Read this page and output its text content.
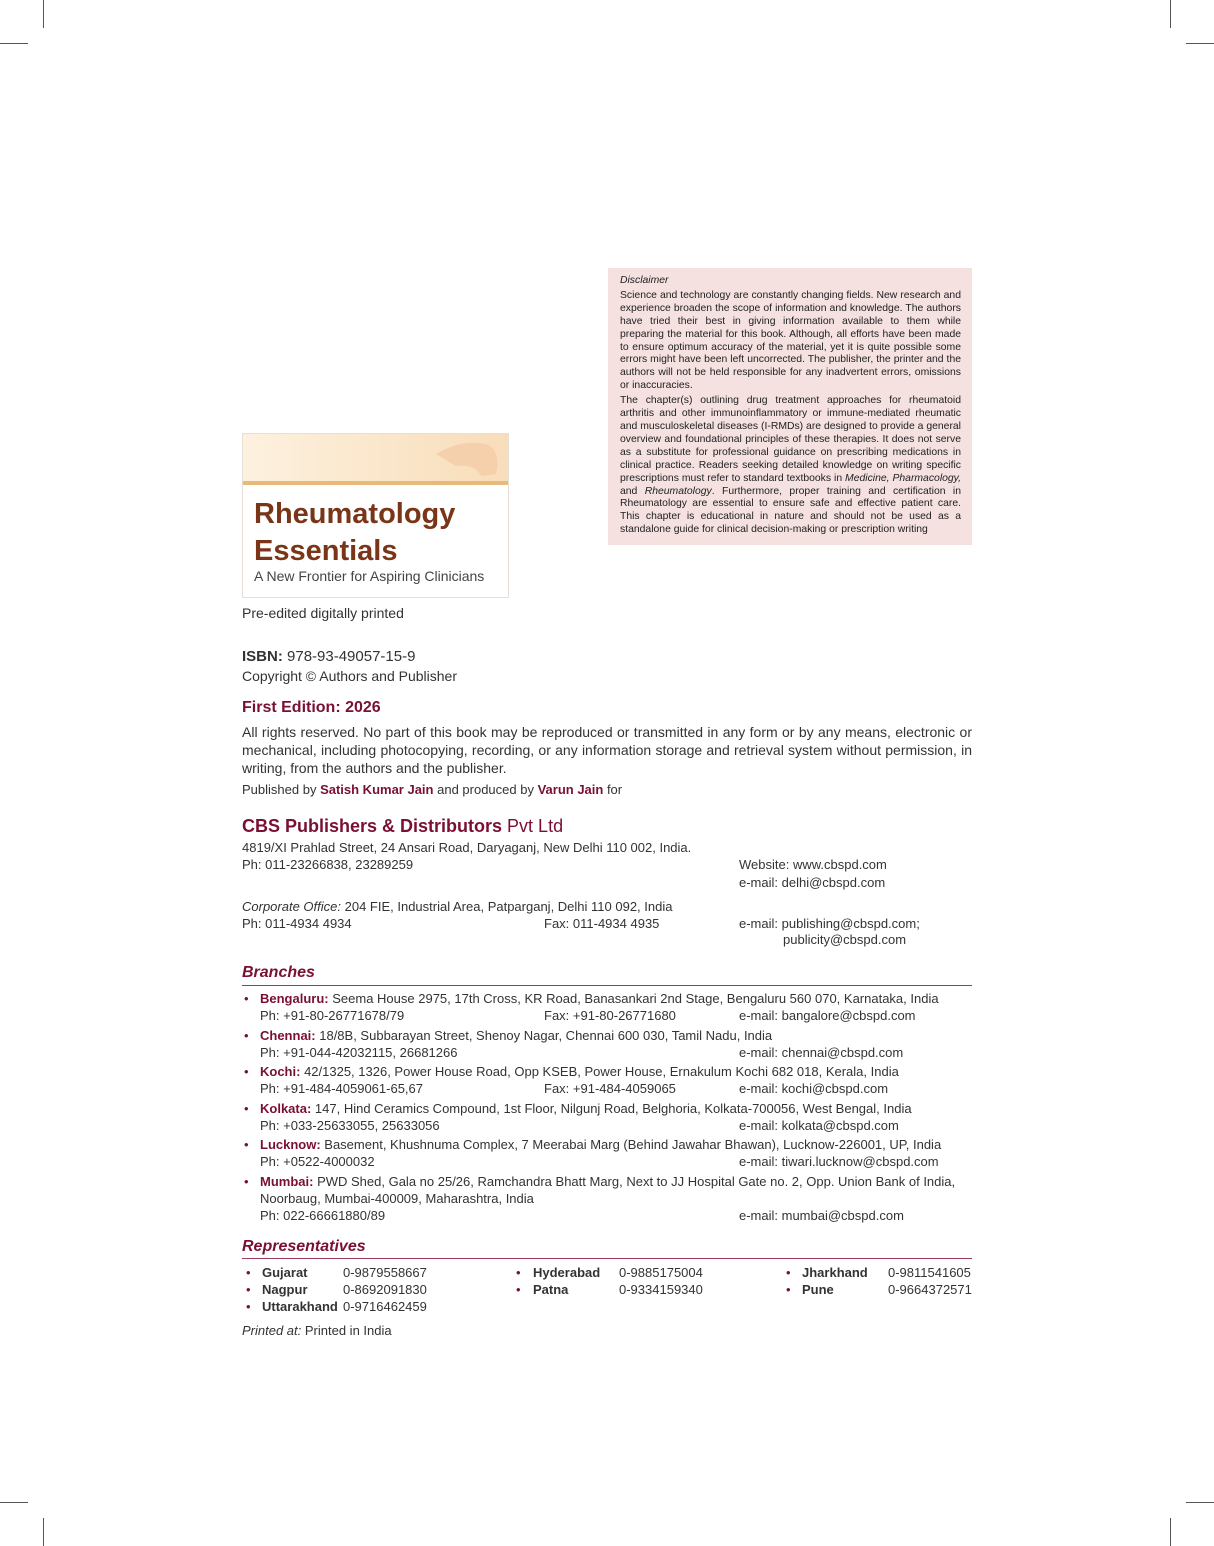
Disclaimer

Science and technology are constantly changing fields. New research and experience broaden the scope of information and knowledge. The authors have tried their best in giving information available to them while preparing the material for this book. Although, all efforts have been made to ensure optimum accuracy of the material, yet it is quite possible some errors might have been left uncorrected. The publisher, the printer and the authors will not be held responsible for any inadvertent errors, omissions or inaccuracies.

The chapter(s) outlining drug treatment approaches for rheumatoid arthritis and other immunoinflammatory or immune-mediated rheumatic and musculoskeletal diseases (I-RMDs) are designed to provide a general overview and foundational principles of these therapies. It does not serve as a substitute for professional guidance on prescribing medications in clinical practice. Readers seeking detailed knowledge on writing specific prescriptions must refer to standard textbooks in Medicine, Pharmacology, and Rheumatology. Furthermore, proper training and certification in Rheumatology are essential to ensure safe and effective patient care. This chapter is educational in nature and should not be used as a standalone guide for clinical decision-making or prescription writing

Rheumatology
Essentials
A New Frontier for Aspiring Clinicians
Pre-edited digitally printed
ISBN: 978-93-49057-15-9
Copyright © Authors and Publisher
First Edition: 2026
All rights reserved. No part of this book may be reproduced or transmitted in any form or by any means, electronic or mechanical, including photocopying, recording, or any information storage and retrieval system without permission, in writing, from the authors and the publisher.
Published by Satish Kumar Jain and produced by Varun Jain for
CBS Publishers & Distributors Pvt Ltd
4819/XI Prahlad Street, 24 Ansari Road, Daryaganj, New Delhi 110 002, India.
Ph: 011-23266838, 23289259	Website: www.cbspd.com
e-mail: delhi@cbspd.com
Corporate Office: 204 FIE, Industrial Area, Patparganj, Delhi 110 092, India
Ph: 011-4934 4934	Fax: 011-4934 4935	e-mail: publishing@cbspd.com;
publicity@cbspd.com
Branches
Representatives
Printed at: Printed in India
• Bengaluru: Seema House 2975, 17th Cross, KR Road, Banasankari 2nd Stage, Bengaluru 560 070, Karnataka, India
Ph: +91-80-26771678/79	Fax: +91-80-26771680	e-mail: bangalore@cbspd.com
• Chennai: 18/8B, Subbarayan Street, Shenoy Nagar, Chennai 600 030, Tamil Nadu, India
Ph: +91-044-42032115, 26681266	e-mail: chennai@cbspd.com
• Kochi: 42/1325, 1326, Power House Road, Opp KSEB, Power House, Ernakulum Kochi 682 018, Kerala, India
Ph: +91-484-4059061-65,67	Fax: +91-484-4059065	e-mail: kochi@cbspd.com
• Kolkata: 147, Hind Ceramics Compound, 1st Floor, Nilgunj Road, Belghoria, Kolkata-700056, West Bengal, India
Ph: +033-25633055, 25633056	e-mail: kolkata@cbspd.com
• Lucknow: Basement, Khushnuma Complex, 7 Meerabai Marg (Behind Jawahar Bhawan), Lucknow-226001, UP, India
Ph: +0522-4000032	e-mail: tiwari.lucknow@cbspd.com
• Mumbai: PWD Shed, Gala no 25/26, Ramchandra Bhatt Marg, Next to JJ Hospital Gate no. 2, Opp. Union Bank of India,
Noorbaug, Mumbai-400009, Maharashtra, India
Ph: 022-66661880/89	e-mail: mumbai@cbspd.com
• Gujarat	0-9879558667
• Nagpur	0-8692091830
• Uttarakhand 0-9716462459
• Hyderabad 0-9885175004
• Patna	0-9334159340
• Jharkhand 0-9811541605
• Pune	0-9664372571
